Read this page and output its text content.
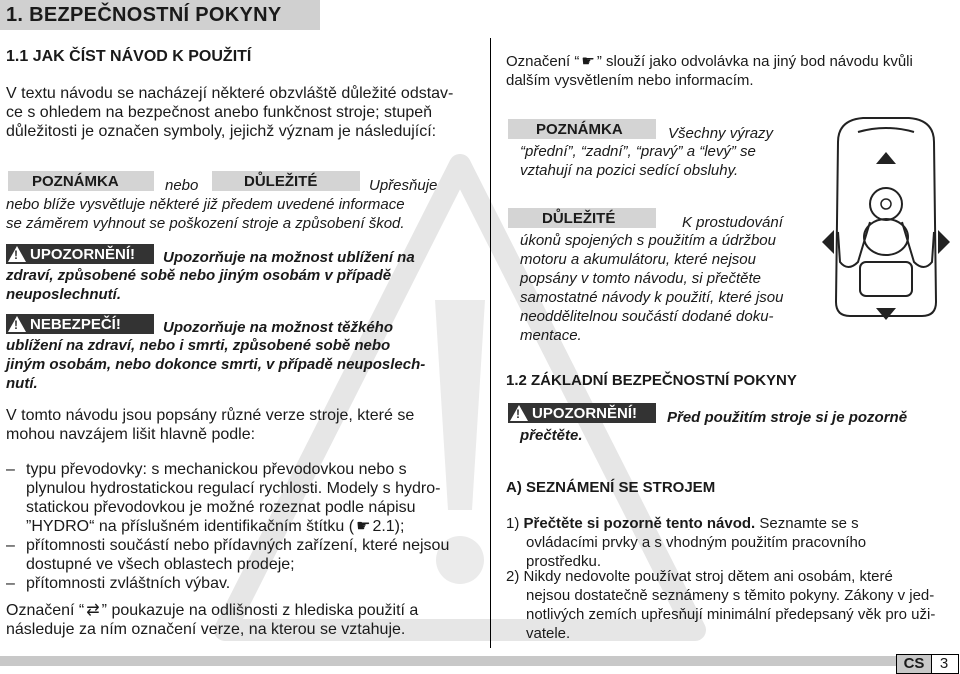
1. BEZPEČNOSTNÍ POKYNY
1.1 JAK ČÍST NÁVOD K POUŽITÍ
V textu návodu se nacházejí některé obzvláště důležité odstav-
ce s ohledem na bezpečnost anebo funkčnost stroje; stupeň
důležitosti je označen symboly, jejichž význam je následující:
POZNÁMKA	nebo	DŮLEŽITÉ	Upřesňuje
nebo blíže vysvětluje některé již předem uvedené informace
se záměrem vyhnout se poškození stroje a způsobení škod.
!
UPOZORNĚNÍ! Upozorňuje na možnost ublížení na
zdraví, způsobené sobě nebo jiným osobám v případě
neuposlechnutí.
!
NEBEZPEČÍ!	Upozorňuje na možnost těžkého
ublížení na zdraví, nebo i smrti, způsobené sobě nebo
jiným osobám, nebo dokonce smrti, v případě neuposlech-
nutí.
V tomto návodu jsou popsány různé verze stroje, které se
mohou navzájem lišit hlavně podle:
– typu převodovky: s mechanickou převodovkou nebo s
plynulou hydrostatickou regulací rychlosti. Modely s hydro-
statickou převodovkou je možné rozeznat podle nápisu
”HYDRO“ na příslušném identifikačním štítku ( ☛ 2.1);
– přítomnosti součástí nebo přídavných zařízení, které nejsou
dostupné ve všech oblastech prodeje;
– přítomnosti zvláštních výbav.
Označení “ ⇄ ” poukazuje na odlišnosti z hlediska použití a
následuje za ním označení verze, na kterou se vztahuje.
Označení “ ☛ ” slouží jako odvolávka na jiný bod návodu kvůli
dalším vysvětlením nebo informacím.
POZNÁMKA	Všechny výrazy
“přední”, “zadní”, “pravý” a “levý” se
vztahují na pozici sedící obsluhy.
DŮLEŽITÉ	K prostudování
úkonů spojených s použitím a údržbou
motoru a akumulátoru, které nejsou
popsány v tomto návodu, si přečtěte
samostatné návody k použití, které jsou
neoddělitelnou součástí dodané doku-
mentace.
1.2 ZÁKLADNÍ BEZPEČNOSTNÍ POKYNY
!
UPOZORNĚNÍ! Před použitím stroje si je pozorně
přečtěte.
A) SEZNÁMENÍ SE STROJEM
1) Přečtěte si pozorně tento návod. Seznamte se s
ovládacími prvky a s vhodným použitím pracovního
prostředku.
2) Nikdy nedovolte používat stroj dětem ani osobám, které
nejsou dostatečně seznámeny s těmito pokyny. Zákony v jed-
notlivých zemích upřesňují minimální předepsaný věk pro uži-
vatele.
CS	3
